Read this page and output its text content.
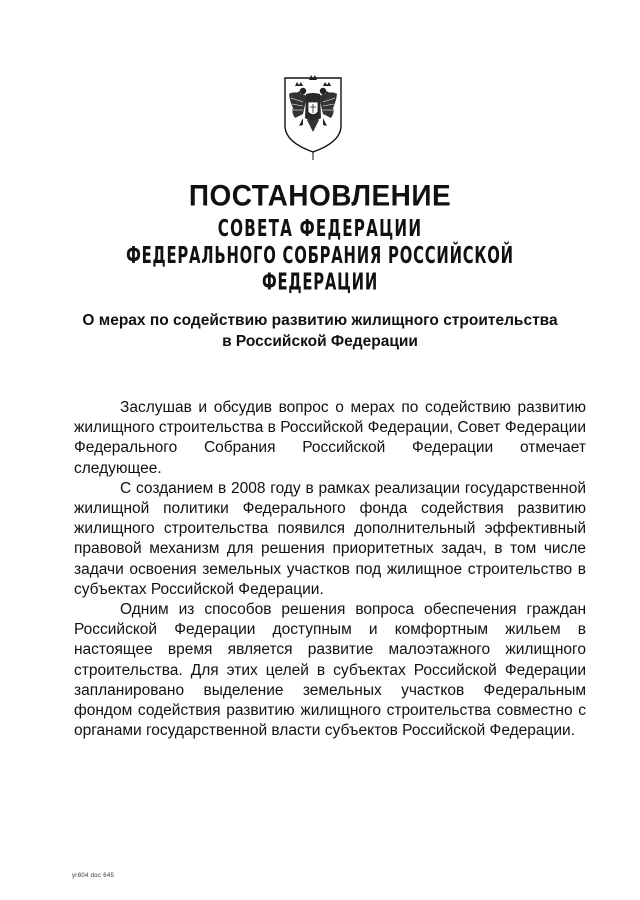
ПОСТАНОВЛЕНИЕ
СОВЕТА ФЕДЕРАЦИИ
ФЕДЕРАЛЬНОГО СОБРАНИЯ РОССИЙСКОЙ ФЕДЕРАЦИИ
О мерах по содействию развитию жилищного строительства
в Российской Федерации

Заслушав и обсудив вопрос о мерах по содействию развитию жилищного строительства в Российской Федерации, Совет Федерации Федерального Собрания Российской Федерации отмечает следующее.

С созданием в 2008 году в рамках реализации государственной жилищной политики Федерального фонда содействия развитию жилищного строительства появился дополнительный эффективный правовой механизм для решения приоритетных задач, в том числе задачи освоения земельных участков под жилищное строительство в субъектах Российской Федерации.

Одним из способов решения вопроса обеспечения граждан Российской Федерации доступным и комфортным жильем в настоящее время является развитие малоэтажного жилищного строительства. Для этих целей в субъектах Российской Федерации запланировано выделение земельных участков Федеральным фондом содействия развитию жилищного строительства совместно с органами государственной власти субъектов Российской Федерации.

уг804 doc 645
